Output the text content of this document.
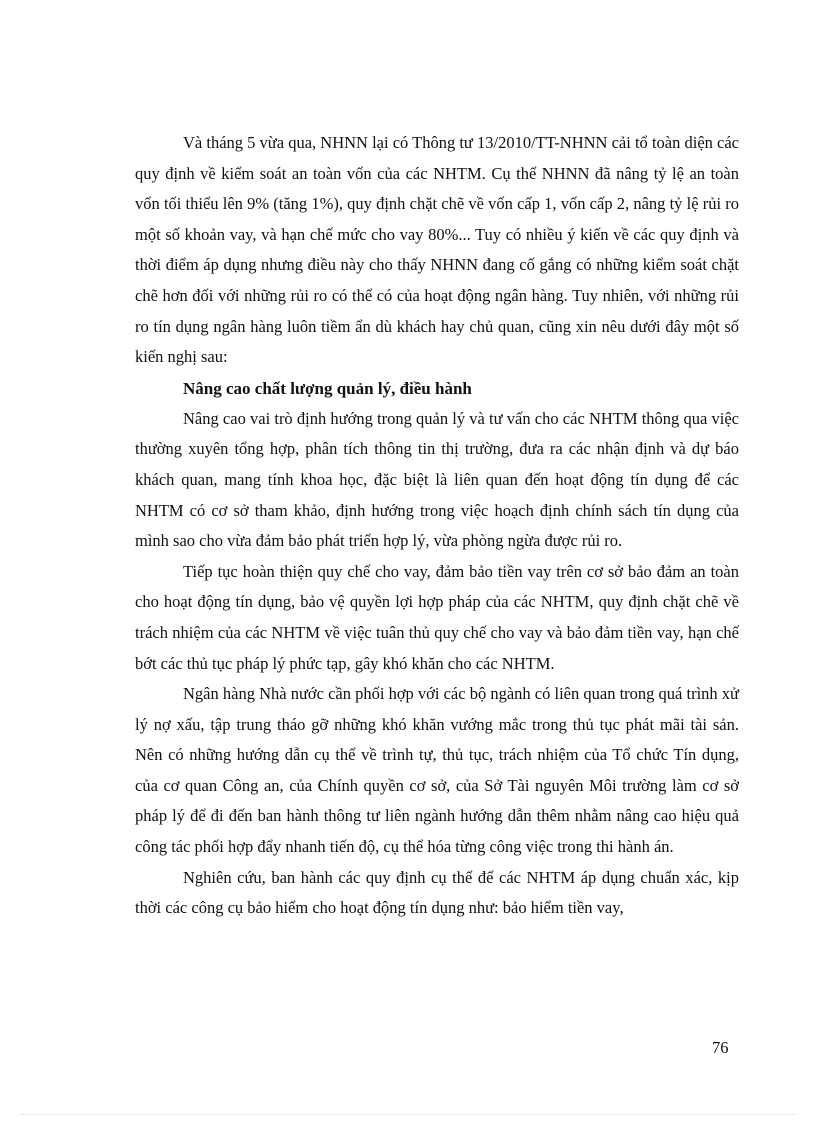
Và tháng 5 vừa qua, NHNN lại có Thông tư 13/2010/TT-NHNN cải tổ toàn diện các quy định về kiểm soát an toàn vốn của các NHTM. Cụ thể NHNN đã nâng tỷ lệ an toàn vốn tối thiểu lên 9% (tăng 1%), quy định chặt chẽ về vốn cấp 1, vốn cấp 2, nâng tỷ lệ rủi ro một số khoản vay, và hạn chế mức cho vay 80%... Tuy có nhiều ý kiến về các quy định và thời điểm áp dụng nhưng điều này cho thấy NHNN đang cố gắng có những kiểm soát chặt chẽ hơn đối với những rủi ro có thể có của hoạt động ngân hàng. Tuy nhiên, với những rủi ro tín dụng ngân hàng luôn tiềm ẩn dù khách hay chủ quan, cũng xin nêu dưới đây một số kiến nghị sau:

Nâng cao chất lượng quản lý, điều hành

Nâng cao vai trò định hướng trong quản lý và tư vấn cho các NHTM thông qua việc thường xuyên tổng hợp, phân tích thông tin thị trường, đưa ra các nhận định và dự báo khách quan, mang tính khoa học, đặc biệt là liên quan đến hoạt động tín dụng để các NHTM có cơ sở tham khảo, định hướng trong việc hoạch định chính sách tín dụng của mình sao cho vừa đảm bảo phát triển hợp lý, vừa phòng ngừa được rủi ro.

Tiếp tục hoàn thiện quy chế cho vay, đảm bảo tiền vay trên cơ sở bảo đảm an toàn cho hoạt động tín dụng, bảo vệ quyền lợi hợp pháp của các NHTM, quy định chặt chẽ về trách nhiệm của các NHTM về việc tuân thủ quy chế cho vay và bảo đảm tiền vay, hạn chế bớt các thủ tục pháp lý phức tạp, gây khó khăn cho các NHTM.

Ngân hàng Nhà nước cần phối hợp với các bộ ngành có liên quan trong quá trình xử lý nợ xấu, tập trung tháo gỡ những khó khăn vướng mắc trong thủ tục phát mãi tài sản. Nên có những hướng dẫn cụ thể về trình tự, thủ tục, trách nhiệm của Tổ chức Tín dụng, của cơ quan Công an, của Chính quyền cơ sở, của Sở Tài nguyên Môi trường làm cơ sở pháp lý để đi đến ban hành thông tư liên ngành hướng dẫn thêm nhằm nâng cao hiệu quả công tác phối hợp đẩy nhanh tiến độ, cụ thể hóa từng công việc trong thi hành án.

Nghiên cứu, ban hành các quy định cụ thể để các NHTM áp dụng chuẩn xác, kịp thời các công cụ bảo hiểm cho hoạt động tín dụng như: bảo hiểm tiền vay,

76
